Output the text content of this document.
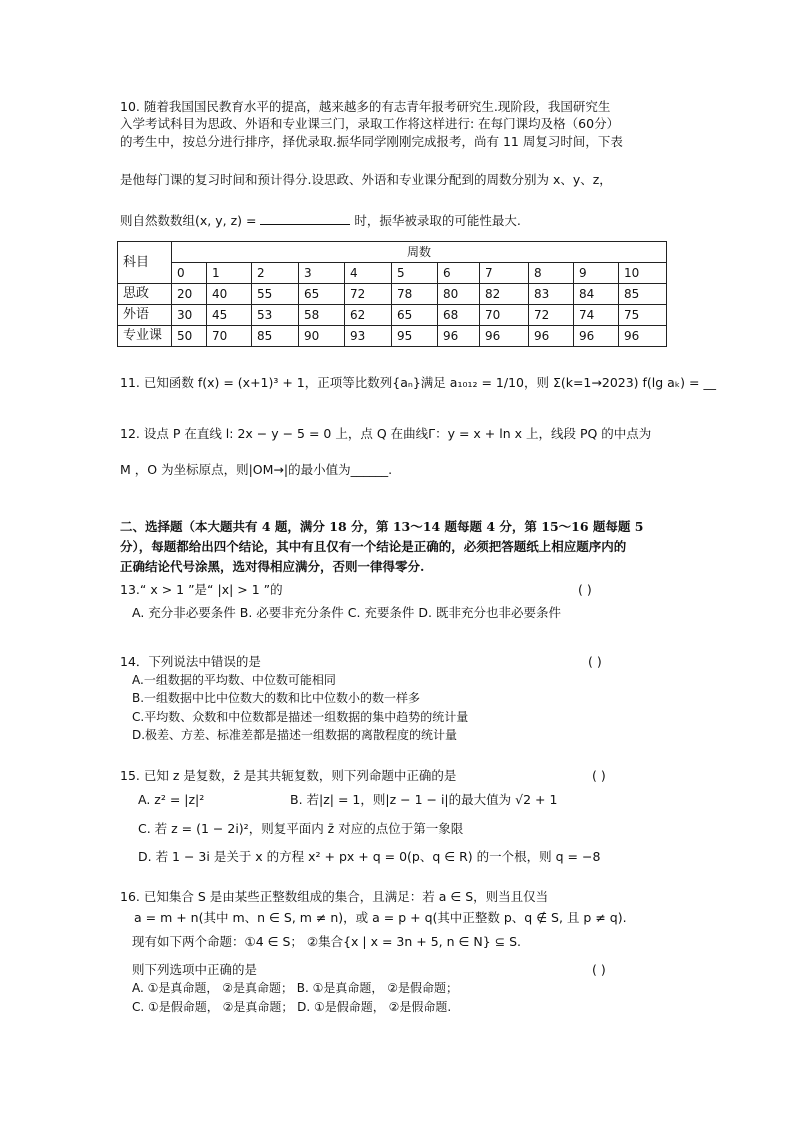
10. 随着我国国民教育水平的提高，越来越多的有志青年报考研究生.现阶段，我国研究生
入学考试科目为思政、外语和专业课三门，录取工作将这样进行: 在每门课均及格（60分）
的考生中，按总分进行排序，择优录取.振华同学刚刚完成报考，尚有 11 周复习时间，下表
是他每门课的复习时间和预计得分.设思政、外语和专业课分配到的周数分别为 x、y、z，
则自然数数组(x, y, z) =	时，振华被录取的可能性最大.
科目	周数										
	0	1	2	3	4	5	6	7	8	9	10
思政	20	40	55	65	72	78	80	82	83	84	85
外语	30	45	53	58	62	65	68	70	72	74	75
专业课	50	70	85	90	93	95	96	96	96	96	96
11. 已知函数 f(x) = (x+1)³ + 1，正项等比数列{aₙ}满足 a₁₀₁₂ = 1/10，则 Σ(k=1→2023) f(lg aₖ) = __
12. 设点 P 在直线 l: 2x − y − 5 = 0 上，点 Q 在曲线Γ：y = x + ln x 上，线段 PQ 的中点为
M ，O 为坐标原点，则|OM→|的最小值为______.
二、选择题（本大题共有 4 题，满分 18 分，第 13～14 题每题 4 分，第 15～16 题每题 5
分），每题都给出四个结论，其中有且仅有一个结论是正确的，必须把答题纸上相应题序内的
正确结论代号涂黑，选对得相应满分，否则一律得零分.
13.“ x > 1 ”是“ |x| > 1 ”的	( )
A. 充分非必要条件 B. 必要非充分条件 C. 充要条件 D. 既非充分也非必要条件
14．下列说法中错误的是	( )
A.一组数据的平均数、中位数可能相同
B.一组数据中比中位数大的数和比中位数小的数一样多
C.平均数、众数和中位数都是描述一组数据的集中趋势的统计量
D.极差、方差、标准差都是描述一组数据的离散程度的统计量
15. 已知 z 是复数，z̄ 是其共轭复数，则下列命题中正确的是	( )
A. z² = |z|²	B. 若|z| = 1，则|z − 1 − i|的最大值为 √2 + 1
C. 若 z = (1 − 2i)²，则复平面内 z̄ 对应的点位于第一象限
D. 若 1 − 3i 是关于 x 的方程 x² + px + q = 0(p、q ∈ R) 的一个根，则 q = −8
16. 已知集合 S 是由某些正整数组成的集合，且满足：若 a ∈ S，则当且仅当
a = m + n(其中 m、n ∈ S, m ≠ n)，或 a = p + q(其中正整数 p、q ∉ S, 且 p ≠ q).
现有如下两个命题：①4 ∈ S； ②集合{x | x = 3n + 5, n ∈ N} ⊆ S.
则下列选项中正确的是	( )
A. ①是真命题， ②是真命题； B. ①是真命题， ②是假命题；
C. ①是假命题， ②是真命题； D. ①是假命题， ②是假命题.
